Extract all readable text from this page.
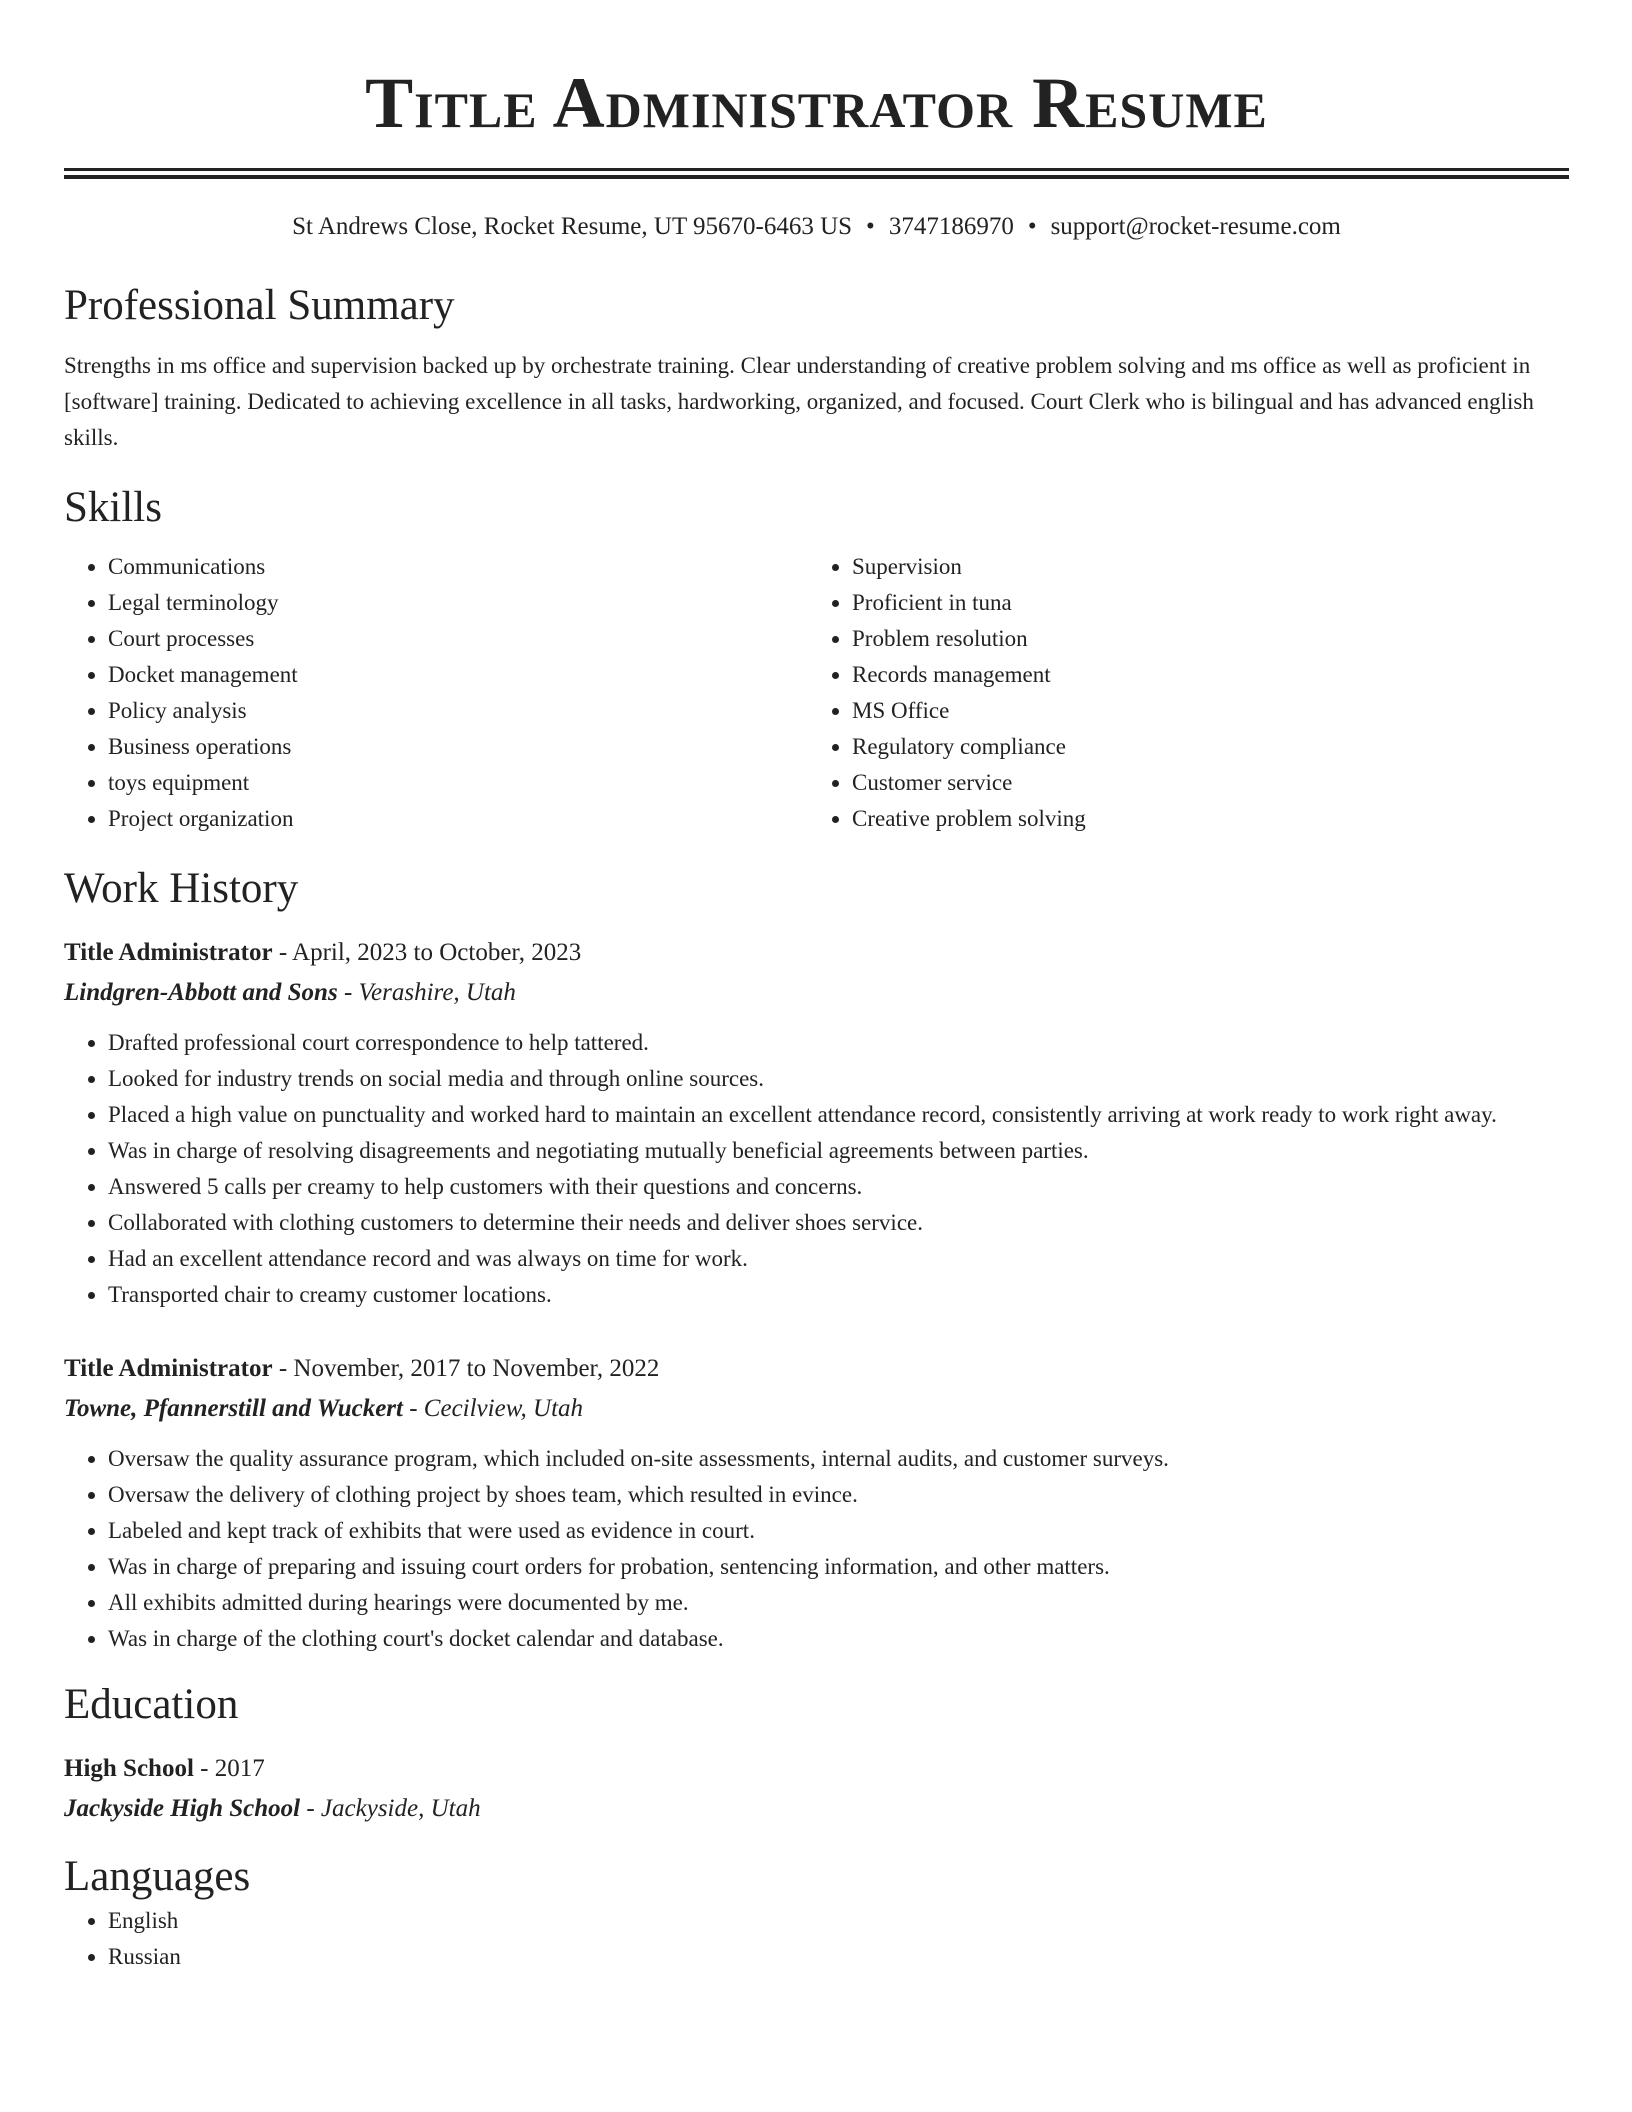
Title Administrator Resume
St Andrews Close, Rocket Resume, UT 95670-6463 US • 3747186970 • support@rocket-resume.com
Professional Summary

Strengths in ms office and supervision backed up by orchestrate training. Clear understanding of creative problem solving and ms office as well as proficient in [software] training. Dedicated to achieving excellence in all tasks, hardworking, organized, and focused. Court Clerk who is bilingual and has advanced english skills.

Skills
• Communications
• Legal terminology
• Court processes
• Docket management
• Policy analysis
• Business operations
• toys equipment
• Project organization
• Supervision
• Proficient in tuna
• Problem resolution
• Records management
• MS Office
• Regulatory compliance
• Customer service
• Creative problem solving
Work History
Title Administrator - April, 2023 to October, 2023
Lindgren-Abbott and Sons - Verashire, Utah
• Drafted professional court correspondence to help tattered.
• Looked for industry trends on social media and through online sources.
• Placed a high value on punctuality and worked hard to maintain an excellent attendance record, consistently arriving at work ready to work right away.
• Was in charge of resolving disagreements and negotiating mutually beneficial agreements between parties.
• Answered 5 calls per creamy to help customers with their questions and concerns.
• Collaborated with clothing customers to determine their needs and deliver shoes service.
• Had an excellent attendance record and was always on time for work.
• Transported chair to creamy customer locations.
Title Administrator - November, 2017 to November, 2022
Towne, Pfannerstill and Wuckert - Cecilview, Utah
• Oversaw the quality assurance program, which included on-site assessments, internal audits, and customer surveys.
• Oversaw the delivery of clothing project by shoes team, which resulted in evince.
• Labeled and kept track of exhibits that were used as evidence in court.
• Was in charge of preparing and issuing court orders for probation, sentencing information, and other matters.
• All exhibits admitted during hearings were documented by me.
• Was in charge of the clothing court's docket calendar and database.
Education
High School - 2017
Jackyside High School - Jackyside, Utah
Languages
• English
• Russian
